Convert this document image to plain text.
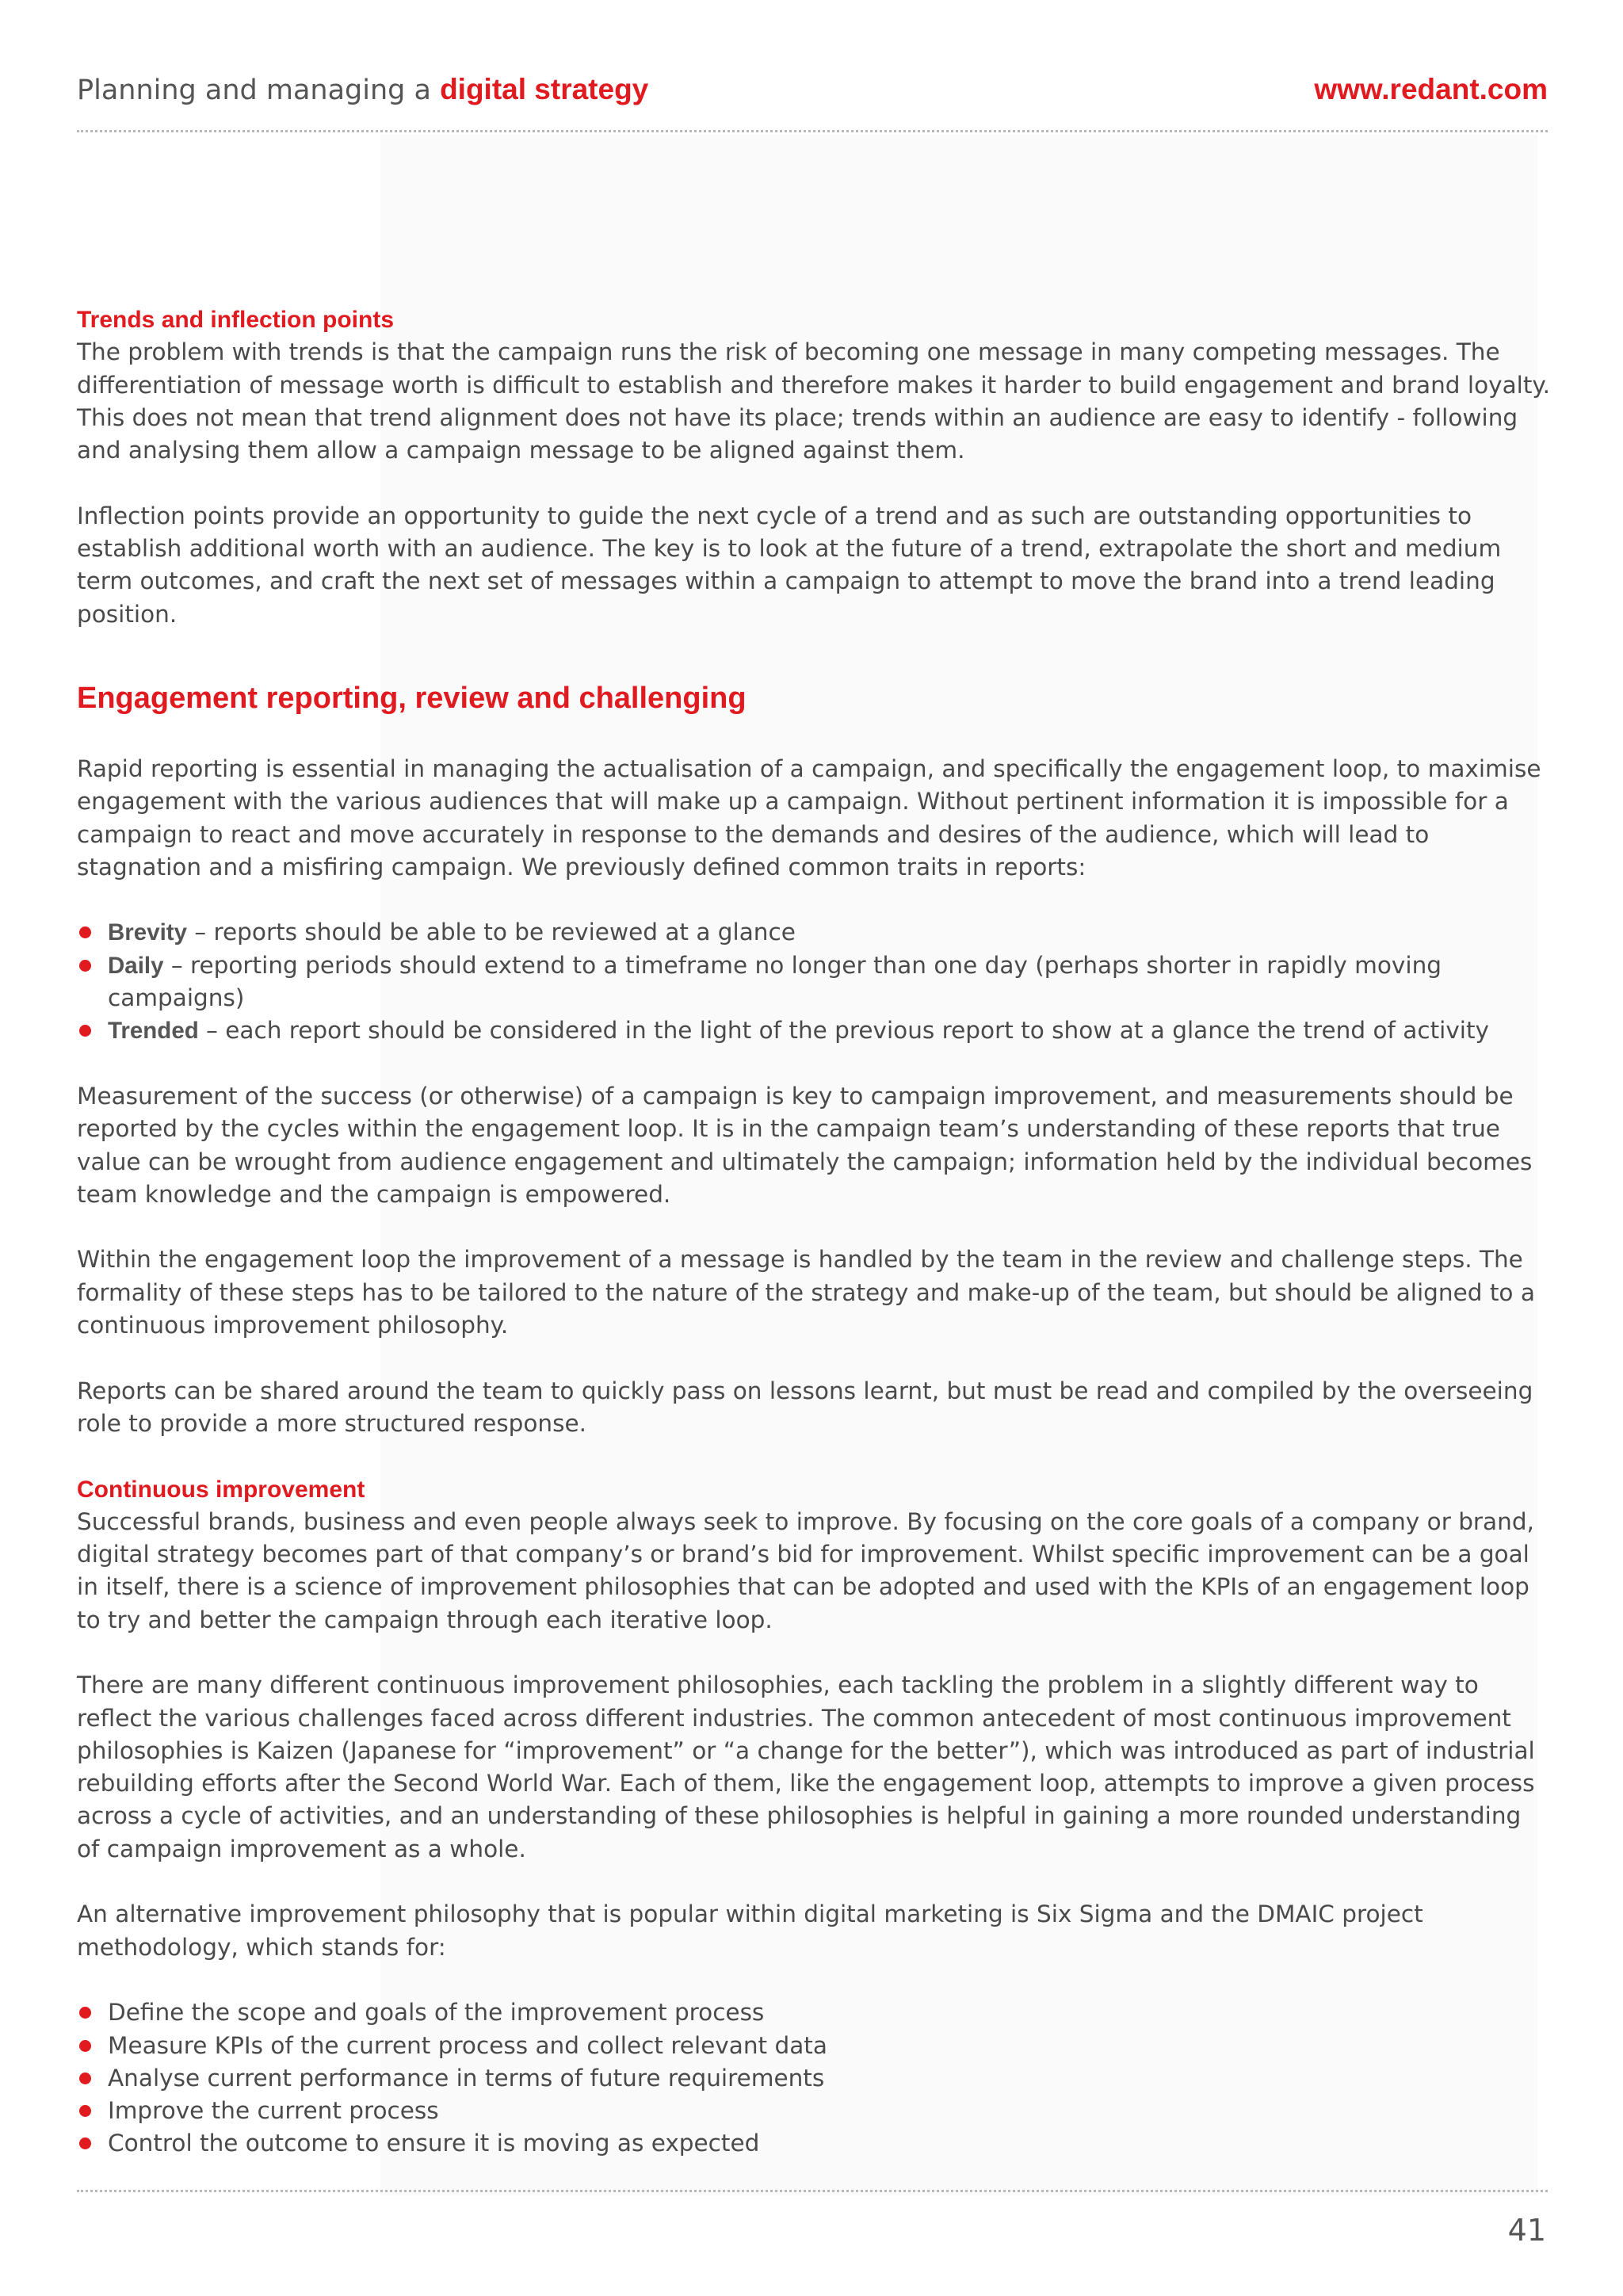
Planning and managing a digital strategy	www.redant.com
Trends and inflection points

The problem with trends is that the campaign runs the risk of becoming one message in many competing messages. The differentiation of message worth is difficult to establish and therefore makes it harder to build engagement and brand loyalty. This does not mean that trend alignment does not have its place; trends within an audience are easy to identify - following and analysing them allow a campaign message to be aligned against them.

Inflection points provide an opportunity to guide the next cycle of a trend and as such are outstanding opportunities to establish additional worth with an audience. The key is to look at the future of a trend, extrapolate the short and medium term outcomes, and craft the next set of messages within a campaign to attempt to move the brand into a trend leading position.

Engagement reporting, review and challenging

Rapid reporting is essential in managing the actualisation of a campaign, and specifically the engagement loop, to maximise engagement with the various audiences that will make up a campaign. Without pertinent information it is impossible for a campaign to react and move accurately in response to the demands and desires of the audience, which will lead to stagnation and a misfiring campaign. We previously defined common traits in reports:

Brevity – reports should be able to be reviewed at a glance
Daily – reporting periods should extend to a timeframe no longer than one day (perhaps shorter in rapidly moving campaigns)
Trended – each report should be considered in the light of the previous report to show at a glance the trend of activity

Measurement of the success (or otherwise) of a campaign is key to campaign improvement, and measurements should be reported by the cycles within the engagement loop. It is in the campaign team’s understanding of these reports that true value can be wrought from audience engagement and ultimately the campaign; information held by the individual becomes team knowledge and the campaign is empowered.

Within the engagement loop the improvement of a message is handled by the team in the review and challenge steps. The formality of these steps has to be tailored to the nature of the strategy and make-up of the team, but should be aligned to a continuous improvement philosophy.

Reports can be shared around the team to quickly pass on lessons learnt, but must be read and compiled by the overseeing role to provide a more structured response.

Continuous improvement

Successful brands, business and even people always seek to improve. By focusing on the core goals of a company or brand, digital strategy becomes part of that company’s or brand’s bid for improvement. Whilst specific improvement can be a goal in itself, there is a science of improvement philosophies that can be adopted and used with the KPIs of an engagement loop to try and better the campaign through each iterative loop.

There are many different continuous improvement philosophies, each tackling the problem in a slightly different way to reflect the various challenges faced across different industries. The common antecedent of most continuous improvement philosophies is Kaizen (Japanese for “improvement” or “a change for the better”), which was introduced as part of industrial rebuilding efforts after the Second World War. Each of them, like the engagement loop, attempts to improve a given process across a cycle of activities, and an understanding of these philosophies is helpful in gaining a more rounded understanding of campaign improvement as a whole.

An alternative improvement philosophy that is popular within digital marketing is Six Sigma and the DMAIC project methodology, which stands for:

Define the scope and goals of the improvement process
Measure KPIs of the current process and collect relevant data
Analyse current performance in terms of future requirements
Improve the current process
Control the outcome to ensure it is moving as expected
41
